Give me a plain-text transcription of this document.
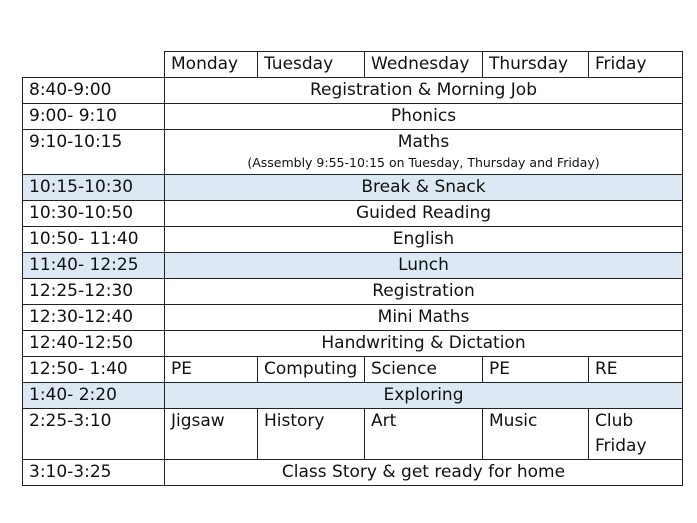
	Monday	Tuesday	Wednesday	Thursday	Friday
8:40-9:00	Registration & Morning Job				
9:00- 9:10	Phonics				
9:10-10:15	Maths
(Assembly 9:55-10:15 on Tuesday, Thursday and Friday)				

10:15-10:30	Break & Snack				
10:30-10:50	Guided Reading				
10:50- 11:40	English				
11:40- 12:25	Lunch				
12:25-12:30	Registration				
12:30-12:40	Mini Maths				
12:40-12:50	Handwriting & Dictation				
12:50- 1:40	PE	Computing	Science	PE	RE
1:40- 2:20	Exploring				
2:25-3:10	Jigsaw	History	Art	Music	Club
Friday

3:10-3:25	Class Story & get ready for home				
